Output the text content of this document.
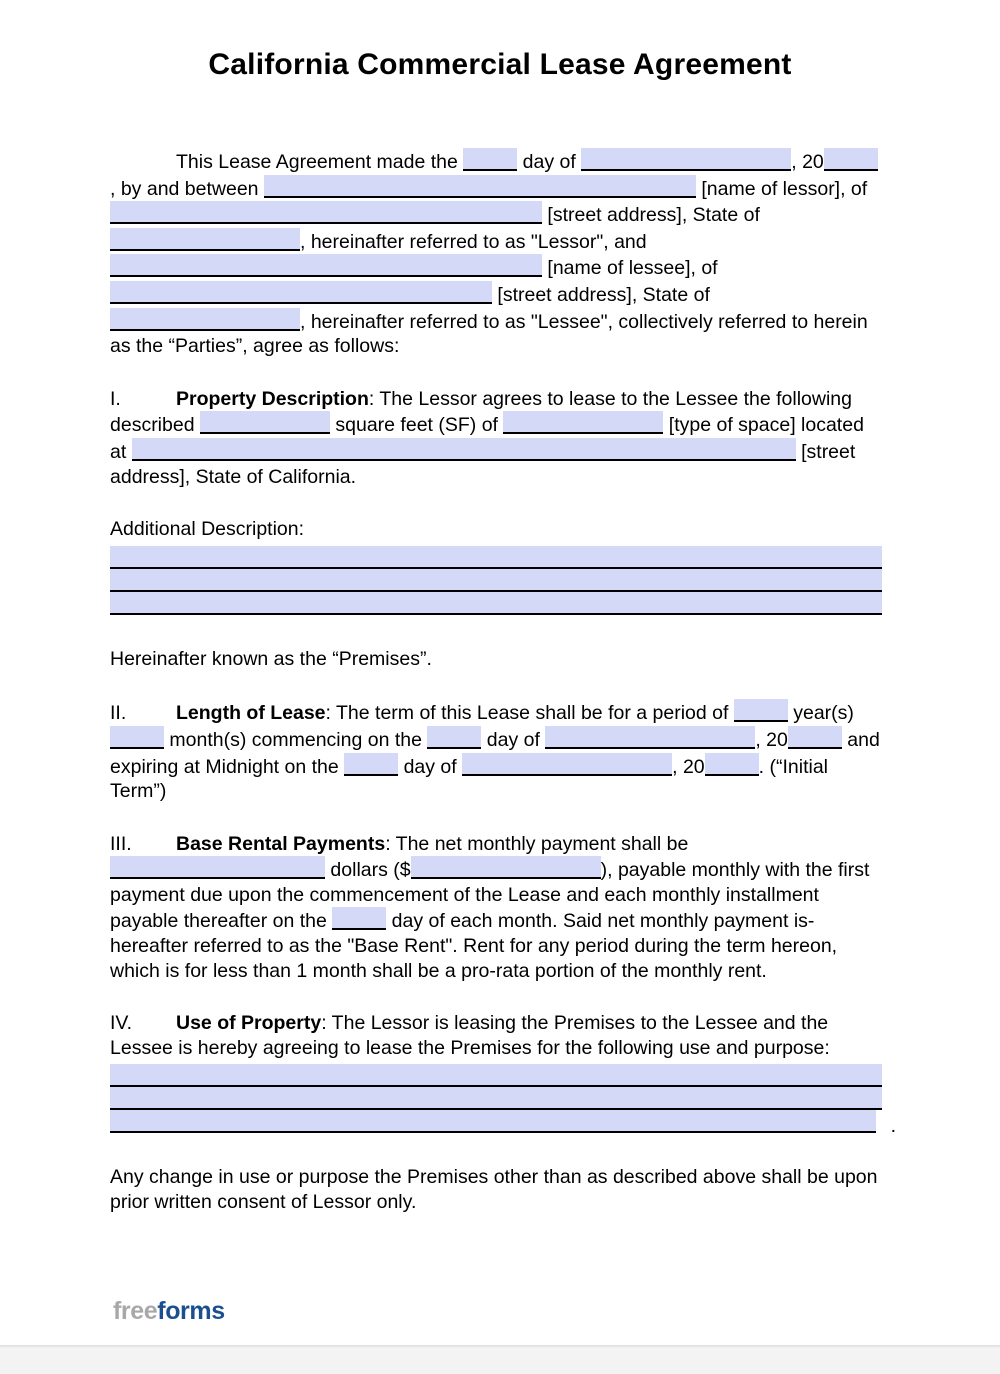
California Commercial Lease Agreement

This Lease Agreement made the	day of	, 20, by and between	[name of lessor], of  [street address], State of , hereinafter referred to as "Lessor", and  [name of lessee], of  [street address], State of , hereinafter referred to as "Lessee", collectively referred to herein as the “Parties”, agree as follows:

I.	Property Description: The Lessor agrees to lease to the Lessee the following described	square feet (SF) of	[type of space] located at	[street address], State of California.

Additional Description:

Hereinafter known as the “Premises”.

II.	Length of Lease: The term of this Lease shall be for a period of	year(s)  month(s) commencing on the	day of	, 20	and expiring at Midnight on the	day of	, 20	. (“Initial Term”)

III. Base Rental Payments: The net monthly payment shall be  dollars ($	), payable monthly with the first payment due upon the commencement of the Lease and each monthly installment payable thereafter on the	day of each month. Said net monthly payment is-hereafter referred to as the "Base Rent". Rent for any period during the term hereon, which is for less than 1 month shall be a pro-rata portion of the monthly rent.

IV. Use of Property: The Lessor is leasing the Premises to the Lessee and the Lessee is hereby agreeing to lease the Premises for the following use and purpose:

.

Any change in use or purpose the Premises other than as described above shall be upon prior written consent of Lessor only.

freeforms
